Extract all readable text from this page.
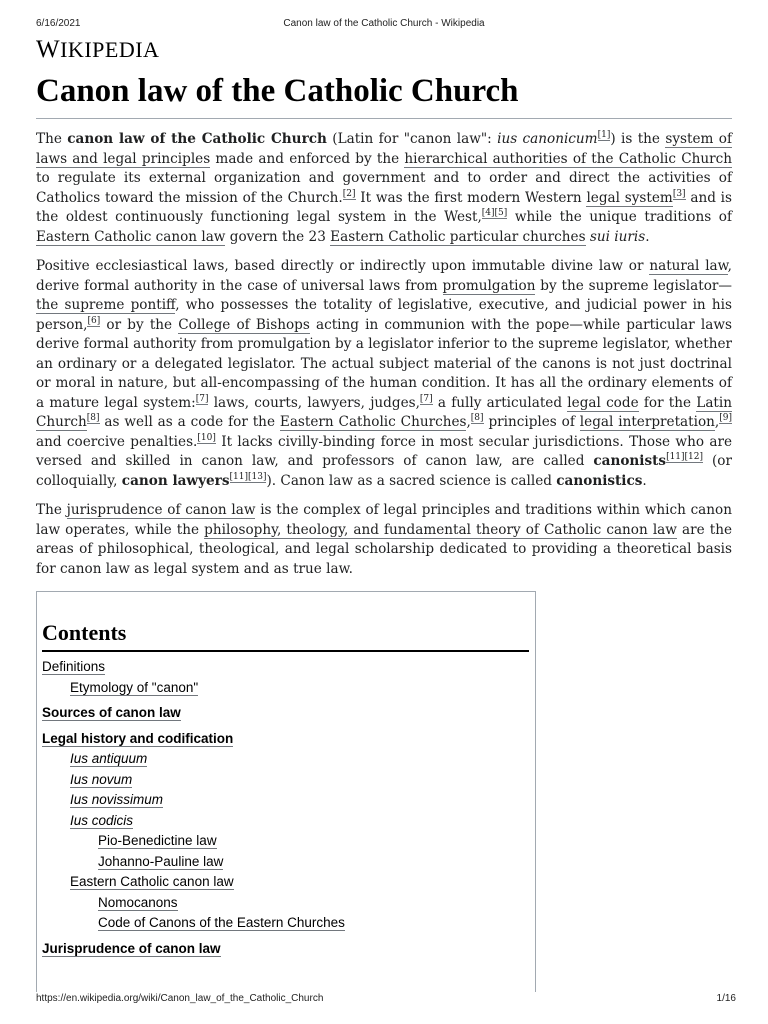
6/16/2021	Canon law of the Catholic Church - Wikipedia
WIKIPEDIA
Canon law of the Catholic Church

The canon law of the Catholic Church (Latin for "canon law": ius canonicum[1]) is the system of laws and legal principles made and enforced by the hierarchical authorities of the Catholic Church to regulate its external organization and government and to order and direct the activities of Catholics toward the mission of the Church.[2] It was the first modern Western legal system[3] and is the oldest continuously functioning legal system in the West,[4][5] while the unique traditions of Eastern Catholic canon law govern the 23 Eastern Catholic particular churches sui iuris.

Positive ecclesiastical laws, based directly or indirectly upon immutable divine law or natural law, derive formal authority in the case of universal laws from promulgation by the supreme legislator—the supreme pontiff, who possesses the totality of legislative, executive, and judicial power in his person,[6] or by the College of Bishops acting in communion with the pope—while particular laws derive formal authority from promulgation by a legislator inferior to the supreme legislator, whether an ordinary or a delegated legislator. The actual subject material of the canons is not just doctrinal or moral in nature, but all-encompassing of the human condition. It has all the ordinary elements of a mature legal system:[7] laws, courts, lawyers, judges,[7] a fully articulated legal code for the Latin Church[8] as well as a code for the Eastern Catholic Churches,[8] principles of legal interpretation,[9] and coercive penalties.[10] It lacks civilly-binding force in most secular jurisdictions. Those who are versed and skilled in canon law, and professors of canon law, are called canonists[11][12] (or colloquially, canon lawyers[11][13]). Canon law as a sacred science is called canonistics.

The jurisprudence of canon law is the complex of legal principles and traditions within which canon law operates, while the philosophy, theology, and fundamental theory of Catholic canon law are the areas of philosophical, theological, and legal scholarship dedicated to providing a theoretical basis for canon law as legal system and as true law.

Contents
Definitions
Etymology of "canon"
Sources of canon law
Legal history and codification
Ius antiquum
Ius novum
Ius novissimum
Ius codicis
Pio-Benedictine law
Johanno-Pauline law
Eastern Catholic canon law
Nomocanons
Code of Canons of the Eastern Churches
Jurisprudence of canon law
https://en.wikipedia.org/wiki/Canon_law_of_the_Catholic_Church	1/16
